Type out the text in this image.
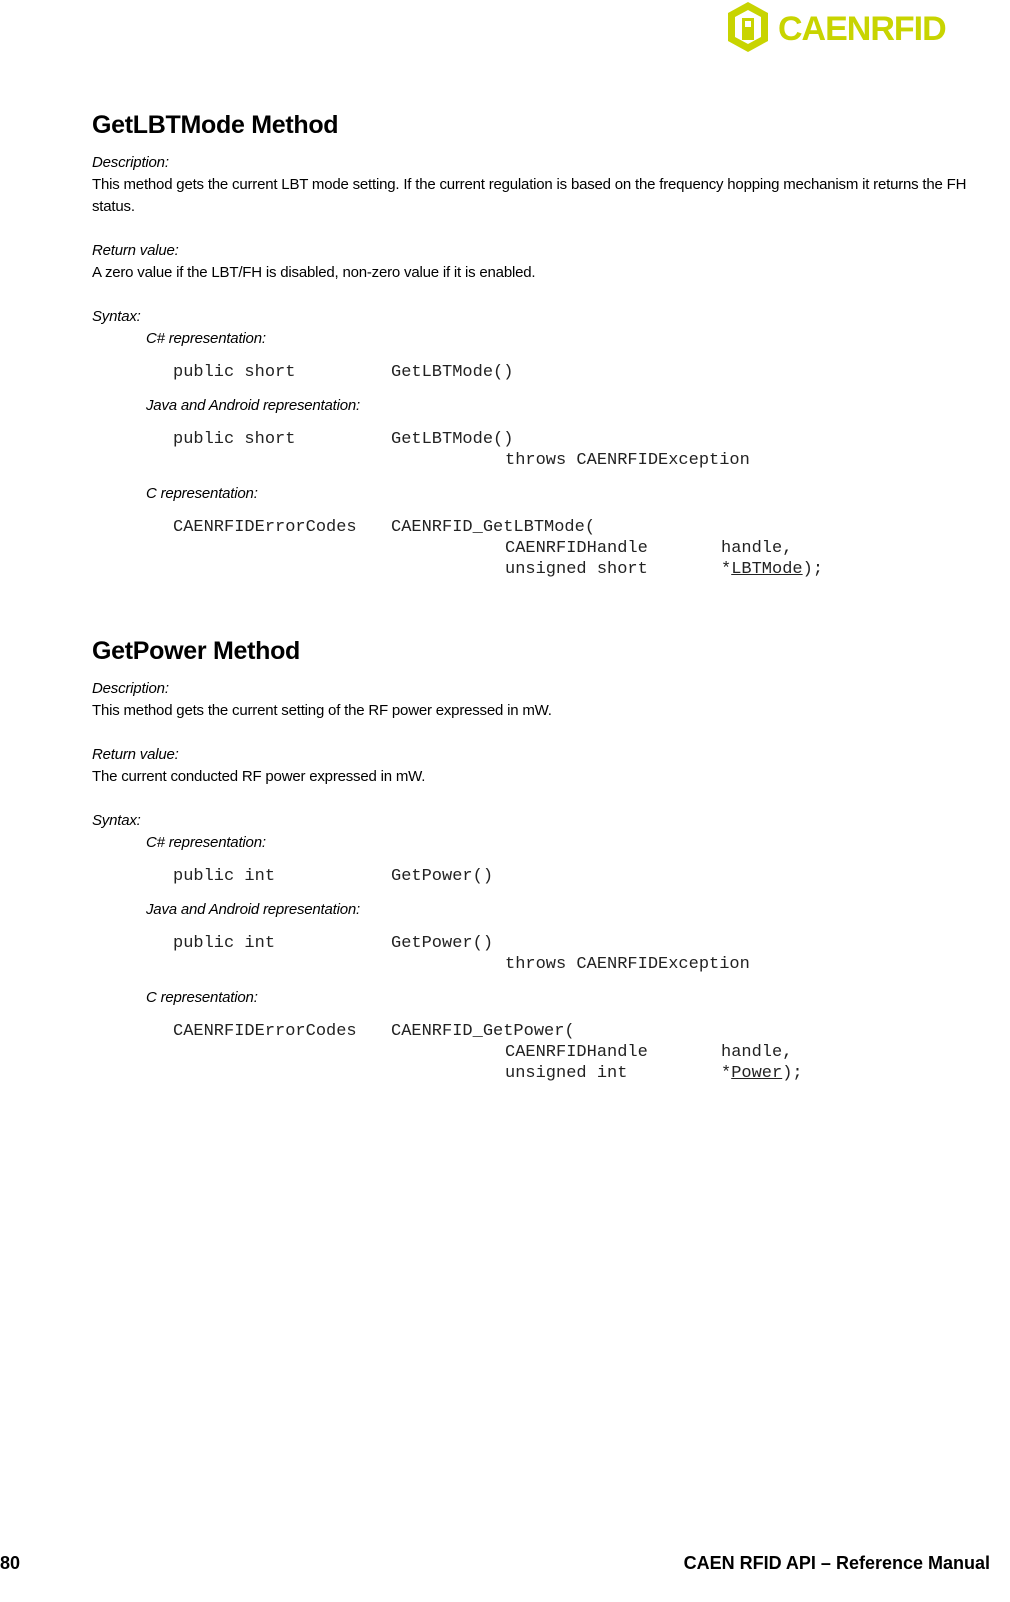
CAENRFID
GetLBTMode Method

Description:

This method gets the current LBT mode setting. If the current regulation is based on the frequency hopping mechanism it returns the FH status.

Return value:

A zero value if the LBT/FH is disabled, non-zero value if it is enabled.

Syntax:

C# representation:

public short

	GetLBTMode()

Java and Android representation:

public short

	GetLBTMode()

throws CAENRFIDException

C representation:

CAENRFIDErrorCodes

CAENRFID_GetLBTMode(

CAENRFIDHandle

	handle,

unsigned short

	*LBTMode);

GetPower Method

Description:

This method gets the current setting of the RF power expressed in mW.

Return value:

The current conducted RF power expressed in mW.

Syntax:

C# representation:

public int

	GetPower()

Java and Android representation:

public int

	GetPower()

throws CAENRFIDException

C representation:

CAENRFIDErrorCodes

CAENRFID_GetPower(

CAENRFIDHandle

	handle,

unsigned int

	*Power);

80	CAEN RFID API – Reference Manual
